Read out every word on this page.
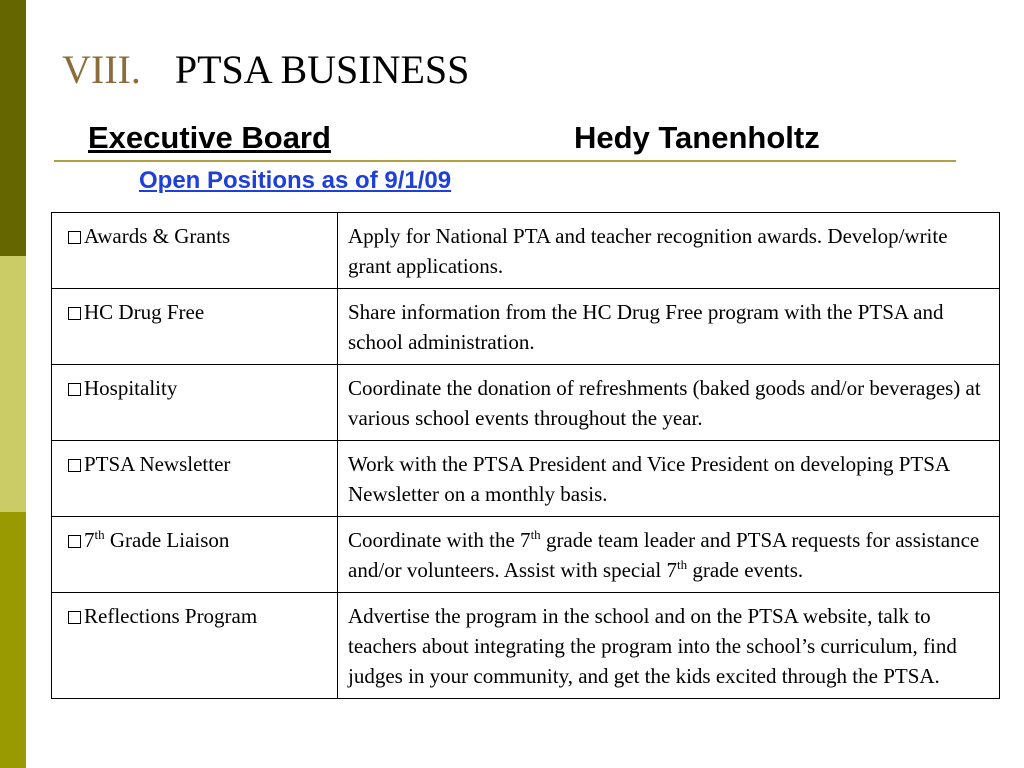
VIII. PTSA BUSINESS
Executive Board	Hedy Tanenholtz
Open Positions as of 9/1/09
Awards & Grants	Apply for National PTA and teacher recognition awards. Develop/write grant applications.
HC Drug Free	Share information from the HC Drug Free program with the PTSA and school administration.
Hospitality	Coordinate the donation of refreshments (baked goods and/or beverages) at various school events throughout the year.
PTSA Newsletter	Work with the PTSA President and Vice President on developing PTSA Newsletter on a monthly basis.
7th Grade Liaison	Coordinate with the 7th grade team leader and PTSA requests for assistance and/or volunteers. Assist with special 7th grade events.
Reflections Program	Advertise the program in the school and on the PTSA website, talk to teachers about integrating the program into the school’s curriculum, find judges in your community, and get the kids excited through the PTSA.
